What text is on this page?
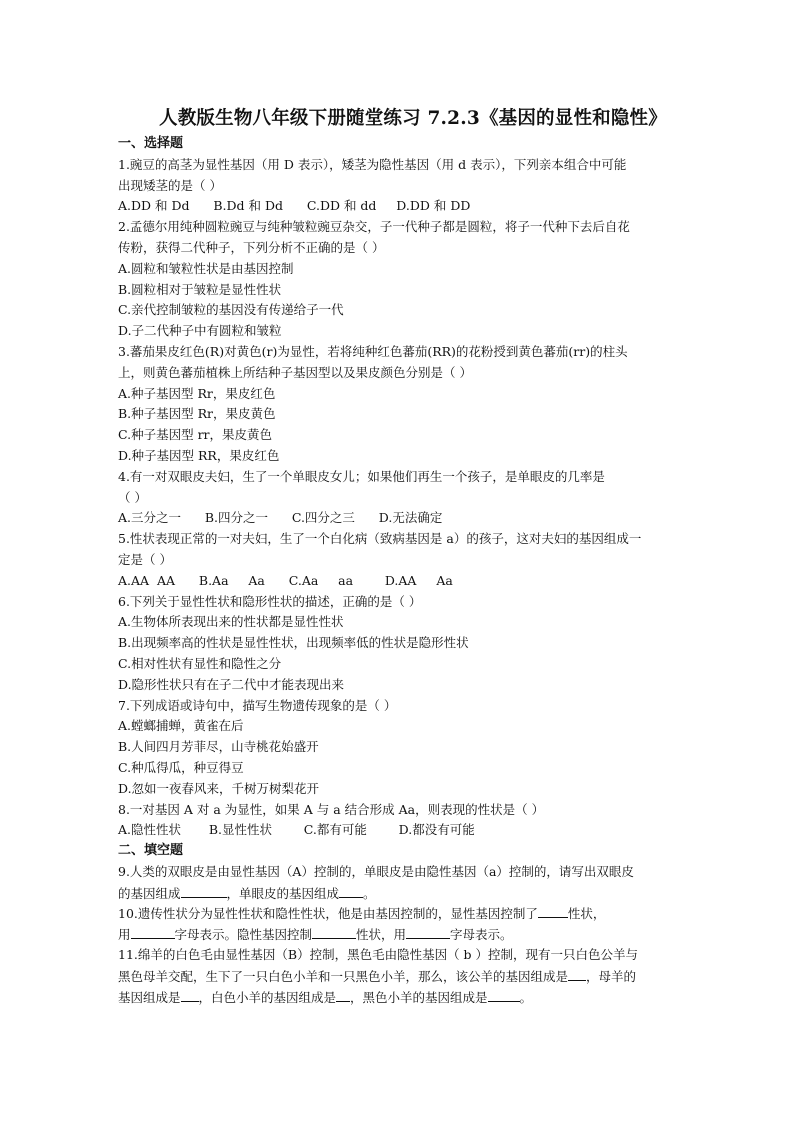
人教版生物八年级下册随堂练习 7.2.3《基因的显性和隐性》
一、选择题
1.豌豆的高茎为显性基因（用 D 表示），矮茎为隐性基因（用 d 表示），下列亲本组合中可能
出现矮茎的是（ ）
A.DD 和 Dd      B.Dd 和 Dd      C.DD 和 dd     D.DD 和 DD
2.孟德尔用纯种圆粒豌豆与纯种皱粒豌豆杂交，子一代种子都是圆粒，将子一代种下去后自花
传粉，获得二代种子，下列分析不正确的是（ ）
A.圆粒和皱粒性状是由基因控制
B.圆粒相对于皱粒是显性性状
C.亲代控制皱粒的基因没有传递给子一代
D.子二代种子中有圆粒和皱粒
3.蕃茄果皮红色(R)对黄色(r)为显性，若将纯种红色蕃茄(RR)的花粉授到黄色蕃茄(rr)的柱头
上，则黄色蕃茄植株上所结种子基因型以及果皮颜色分别是（ ）
A.种子基因型 Rr，果皮红色
B.种子基因型 Rr，果皮黄色
C.种子基因型 rr，果皮黄色
D.种子基因型 RR，果皮红色
4.有一对双眼皮夫妇，生了一个单眼皮女儿；如果他们再生一个孩子，是单眼皮的几率是
（ ）
A.三分之一      B.四分之一      C.四分之三      D.无法确定
5.性状表现正常的一对夫妇，生了一个白化病（致病基因是 a）的孩子，这对夫妇的基因组成一
定是（ ）
A.AA  AA      B.Aa     Aa      C.Aa     aa        D.AA     Aa
6.下列关于显性性状和隐形性状的描述，正确的是（ ）
A.生物体所表现出来的性状都是显性性状
B.出现频率高的性状是显性性状，出现频率低的性状是隐形性状
C.相对性状有显性和隐性之分
D.隐形性状只有在子二代中才能表现出来
7.下列成语或诗句中，描写生物遗传现象的是（ ）
A.螳螂捕蝉，黄雀在后
B.人间四月芳菲尽，山寺桃花始盛开
C.种瓜得瓜，种豆得豆
D.忽如一夜春风来，千树万树梨花开
8.一对基因 A 对 a 为显性，如果 A 与 a 结合形成 Aa，则表现的性状是（ ）
A.隐性性状       B.显性性状        C.都有可能        D.都没有可能
二、填空题
9.人类的双眼皮是由显性基因（A）控制的，单眼皮是由隐性基因（a）控制的，请写出双眼皮
的基因组成	，单眼皮的基因组成 。
10.遗传性状分为显性性状和隐性性状，他是由基因控制的，显性基因控制了 性状，
用	字母表示。隐性基因控制	性状，用	字母表示。
11.绵羊的白色毛由显性基因（B）控制，黑色毛由隐性基因（ b ）控制，现有一只白色公羊与
黑色母羊交配，生下了一只白色小羊和一只黑色小羊，那么，该公羊的基因组成是 ，母羊的
基因组成是 ，白色小羊的基因组成是 ，黑色小羊的基因组成是	。
